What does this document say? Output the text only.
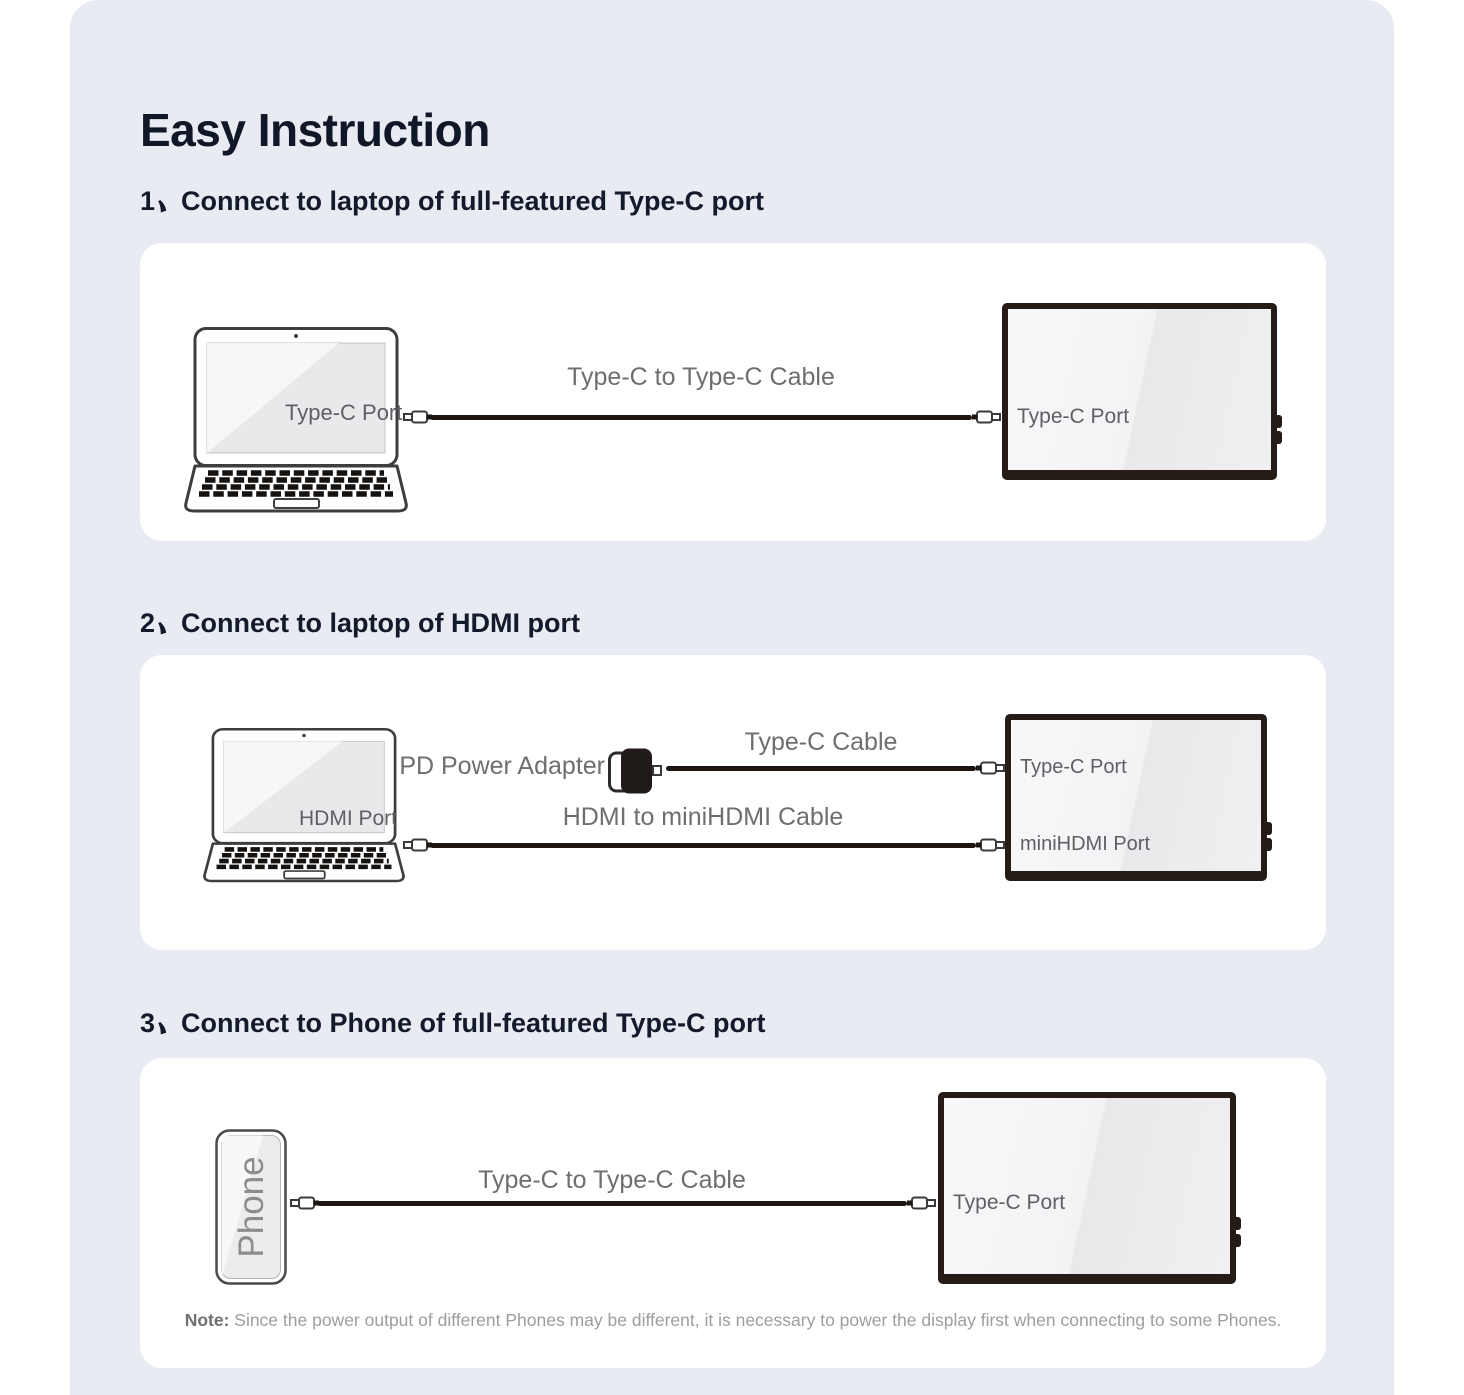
Easy Instruction
1 Connect to laptop of full-featured Type-C port
Type-C Port
Type-C to Type-C Cable
Type-C Port
2 Connect to laptop of HDMI port
HDMI Port
PD Power Adapter
Type-C Cable
HDMI to miniHDMI Cable
Type-C Port
miniHDMI Port
3 Connect to Phone of full-featured Type-C port
Phone	Type-C to Type-C Cable
Type-C Port
Note: Since the power output of different Phones may be different, it is necessary to power the display first when connecting to some Phones.
